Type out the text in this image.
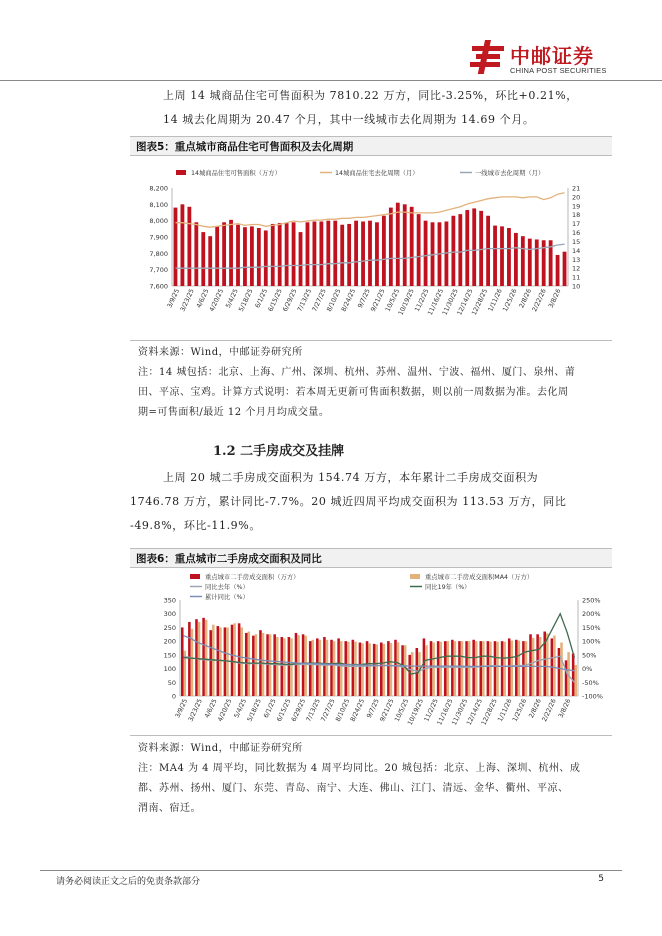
中邮证券
CHINA POST SECURITIES

上周 14 城商品住宅可售面积为 7810.22 万方，同比-3.25%，环比+0.21%，

14 城去化周期为 20.47 个月，其中一线城市去化周期为 14.69 个月。

图表5：重点城市商品住宅可售面积及去化周期
7,600
7,700
7,800
7,900
8,000
8,100
8,200
10
11
12
13
14
15
16
17
18
19
20
21
3/9/25
3/23/25 4/6/25
4/20/25 5/4/25
5/18/25 6/1/25
6/15/25
6/29/25
7/13/25
7/27/25
8/10/25
8/24/25 9/7/25
9/21/25
10/5/25
10/19/25
11/2/25
11/16/25
11/30/25
12/14/25
12/28/25
1/11/26
1/25/26 2/8/26
2/22/26 3/8/26
14城商品住宅可售面积（万方）	14城商品住宅去化周期（月）	一线城市去化周期（月）

资料来源：Wind，中邮证券研究所

注：14 城包括：北京、上海、广州、深圳、杭州、苏州、温州、宁波、福州、厦门、泉州、莆

田、平凉、宝鸡。计算方式说明：若本周无更新可售面积数据，则以前一周数据为准。去化周

期=可售面积/最近 12 个月月均成交量。

1.2 二手房成交及挂牌

上周 20 城二手房成交面积为 154.74 万方，本年累计二手房成交面积为

1746.78 万方，累计同比-7.7%。20 城近四周平均成交面积为 113.53 万方，同比

-49.8%，环比-11.9%。

图表6：重点城市二手房成交面积及同比
0
50
100
150
200
250
300
350
-100%
-50%
0%
50%
100%
150%
200%
250%
3/9/25
3/23/25 4/6/25
4/20/25 5/4/25
5/18/25 6/1/25
6/15/25
6/29/25
7/13/25
7/27/25
8/10/25
8/24/25 9/7/25
9/21/25
10/5/25
10/19/25
11/2/25
11/16/25
11/30/25
12/14/25
12/28/25
1/11/26
1/25/26 2/8/26
2/22/26 3/8/26
重点城市二手房成交面积（万方）	重点城市二手房成交面积MA4（万方）
同比去年（%）	同比19年（%）
累计同比（%）

资料来源：Wind，中邮证券研究所

注：MA4 为 4 周平均，同比数据为 4 周平均同比。20 城包括：北京、上海、深圳、杭州、成

都、苏州、扬州、厦门、东莞、青岛、南宁、大连、佛山、江门、清远、金华、衢州、平凉、

渭南、宿迁。

请务必阅读正文之后的免责条款部分	5
